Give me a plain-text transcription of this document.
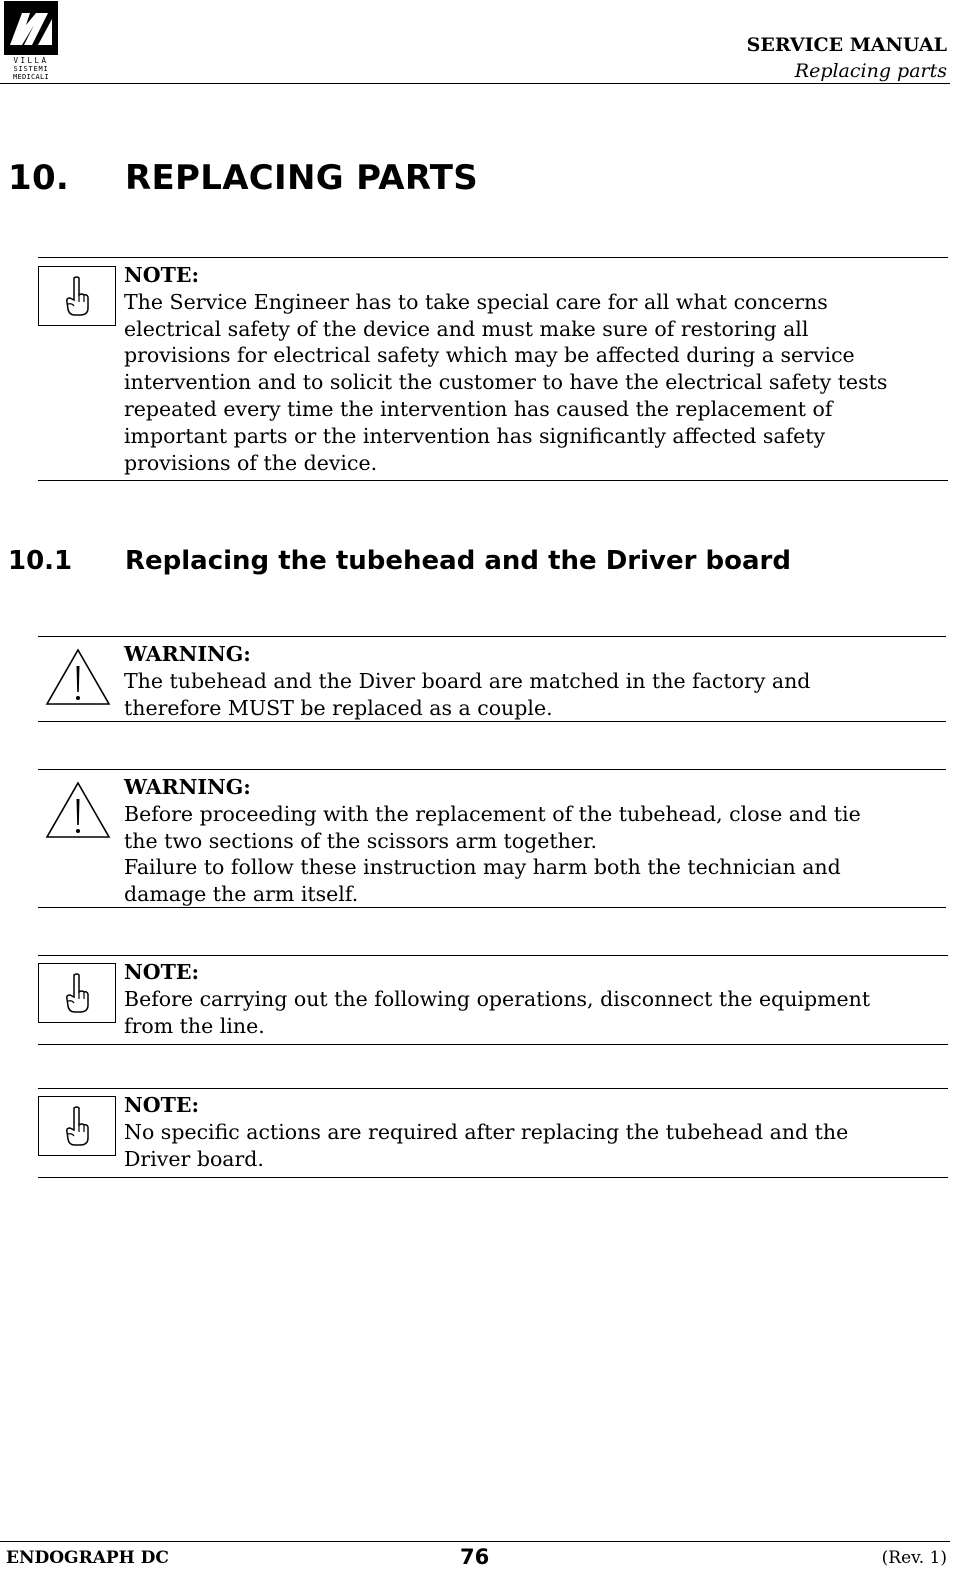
VILLA
SISTEMI
MEDICALI
SERVICE MANUAL
Replacing parts
10. REPLACING PARTS
NOTE:
The Service Engineer has to take special care for all what concerns
electrical safety of the device and must make sure of restoring all
provisions for electrical safety which may be affected during a service
intervention and to solicit the customer to have the electrical safety tests
repeated every time the intervention has caused the replacement of
important parts or the intervention has significantly affected safety
provisions of the device.
10.1 Replacing the tubehead and the Driver board
WARNING:
The tubehead and the Diver board are matched in the factory and
therefore MUST be replaced as a couple.
WARNING:
Before proceeding with the replacement of the tubehead, close and tie
the two sections of the scissors arm together.
Failure to follow these instruction may harm both the technician and
damage the arm itself.
NOTE:
Before carrying out the following operations, disconnect the equipment
from the line.
NOTE:
No specific actions are required after replacing the tubehead and the
Driver board.
ENDOGRAPH DC	76	(Rev. 1)
